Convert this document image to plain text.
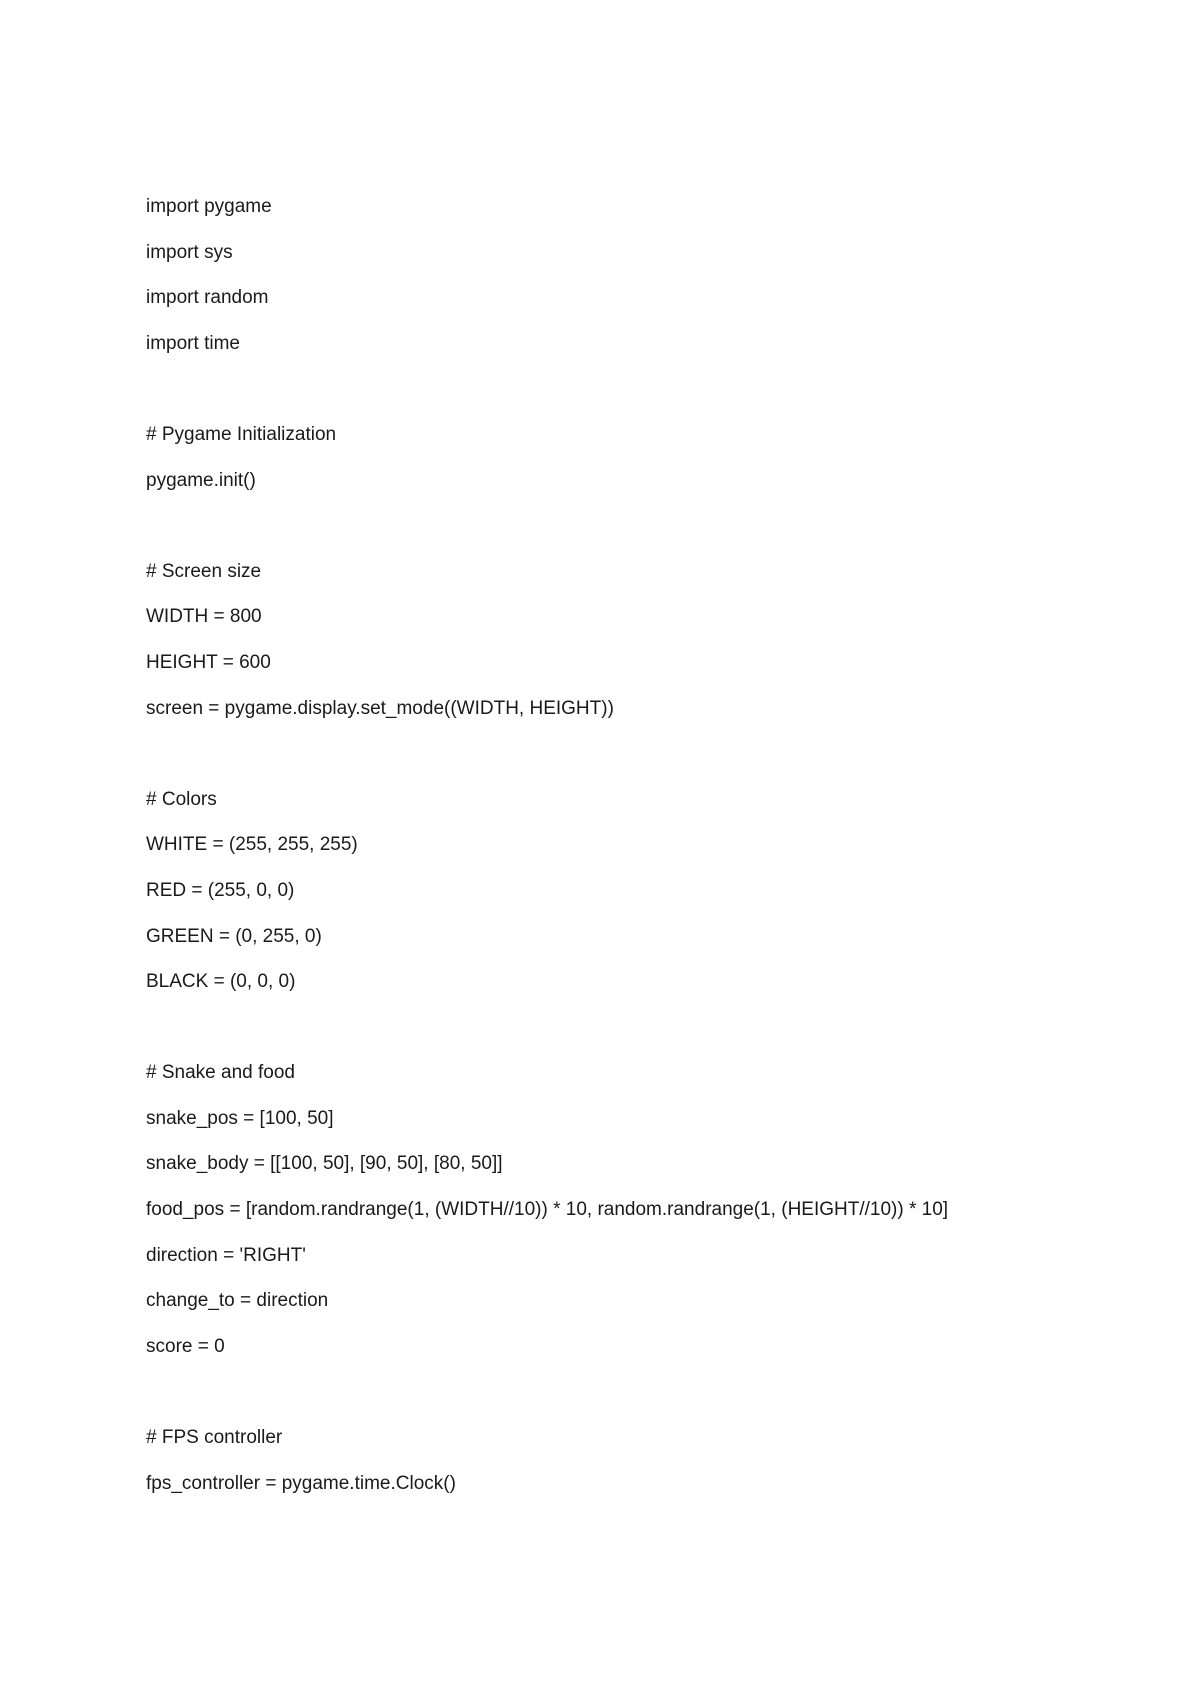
import pygame
import sys
import random
import time
# Pygame Initialization
pygame.init()
# Screen size
WIDTH = 800
HEIGHT = 600
screen = pygame.display.set_mode((WIDTH, HEIGHT))
# Colors
WHITE = (255, 255, 255)
RED = (255, 0, 0)
GREEN = (0, 255, 0)
BLACK = (0, 0, 0)
# Snake and food
snake_pos = [100, 50]
snake_body = [[100, 50], [90, 50], [80, 50]]
food_pos = [random.randrange(1, (WIDTH//10)) * 10, random.randrange(1, (HEIGHT//10)) * 10]
direction = 'RIGHT'
change_to = direction
score = 0
# FPS controller
fps_controller = pygame.time.Clock()
